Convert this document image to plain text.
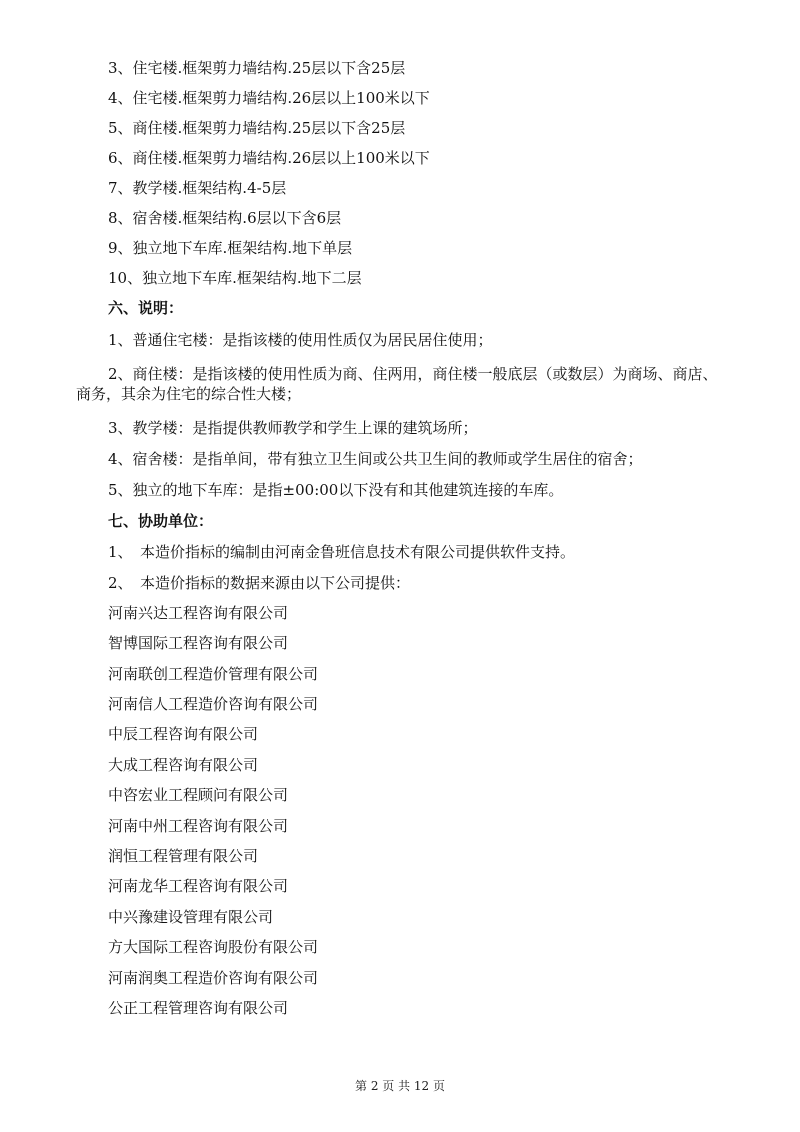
3、住宅楼.框架剪力墙结构.25层以下含25层
4、住宅楼.框架剪力墙结构.26层以上100米以下
5、商住楼.框架剪力墙结构.25层以下含25层
6、商住楼.框架剪力墙结构.26层以上100米以下
7、教学楼.框架结构.4-5层
8、宿舍楼.框架结构.6层以下含6层
9、独立地下车库.框架结构.地下单层
10、独立地下车库.框架结构.地下二层
六、说明：
1、普通住宅楼：是指该楼的使用性质仅为居民居住使用；
2、商住楼：是指该楼的使用性质为商、住两用，商住楼一般底层（或数层）为商场、商店、
商务，其余为住宅的综合性大楼；
3、教学楼：是指提供教师教学和学生上课的建筑场所；
4、宿舍楼：是指单间，带有独立卫生间或公共卫生间的教师或学生居住的宿舍；
5、独立的地下车库：是指±00:00以下没有和其他建筑连接的车库。
七、协助单位：
1、　本造价指标的编制由河南金鲁班信息技术有限公司提供软件支持。
2、　本造价指标的数据来源由以下公司提供：
河南兴达工程咨询有限公司
智博国际工程咨询有限公司
河南联创工程造价管理有限公司
河南信人工程造价咨询有限公司
中辰工程咨询有限公司
大成工程咨询有限公司
中咨宏业工程顾问有限公司
河南中州工程咨询有限公司
润恒工程管理有限公司
河南龙华工程咨询有限公司
中兴豫建设管理有限公司
方大国际工程咨询股份有限公司
河南润奥工程造价咨询有限公司
公正工程管理咨询有限公司
第 2 页 共 12 页
